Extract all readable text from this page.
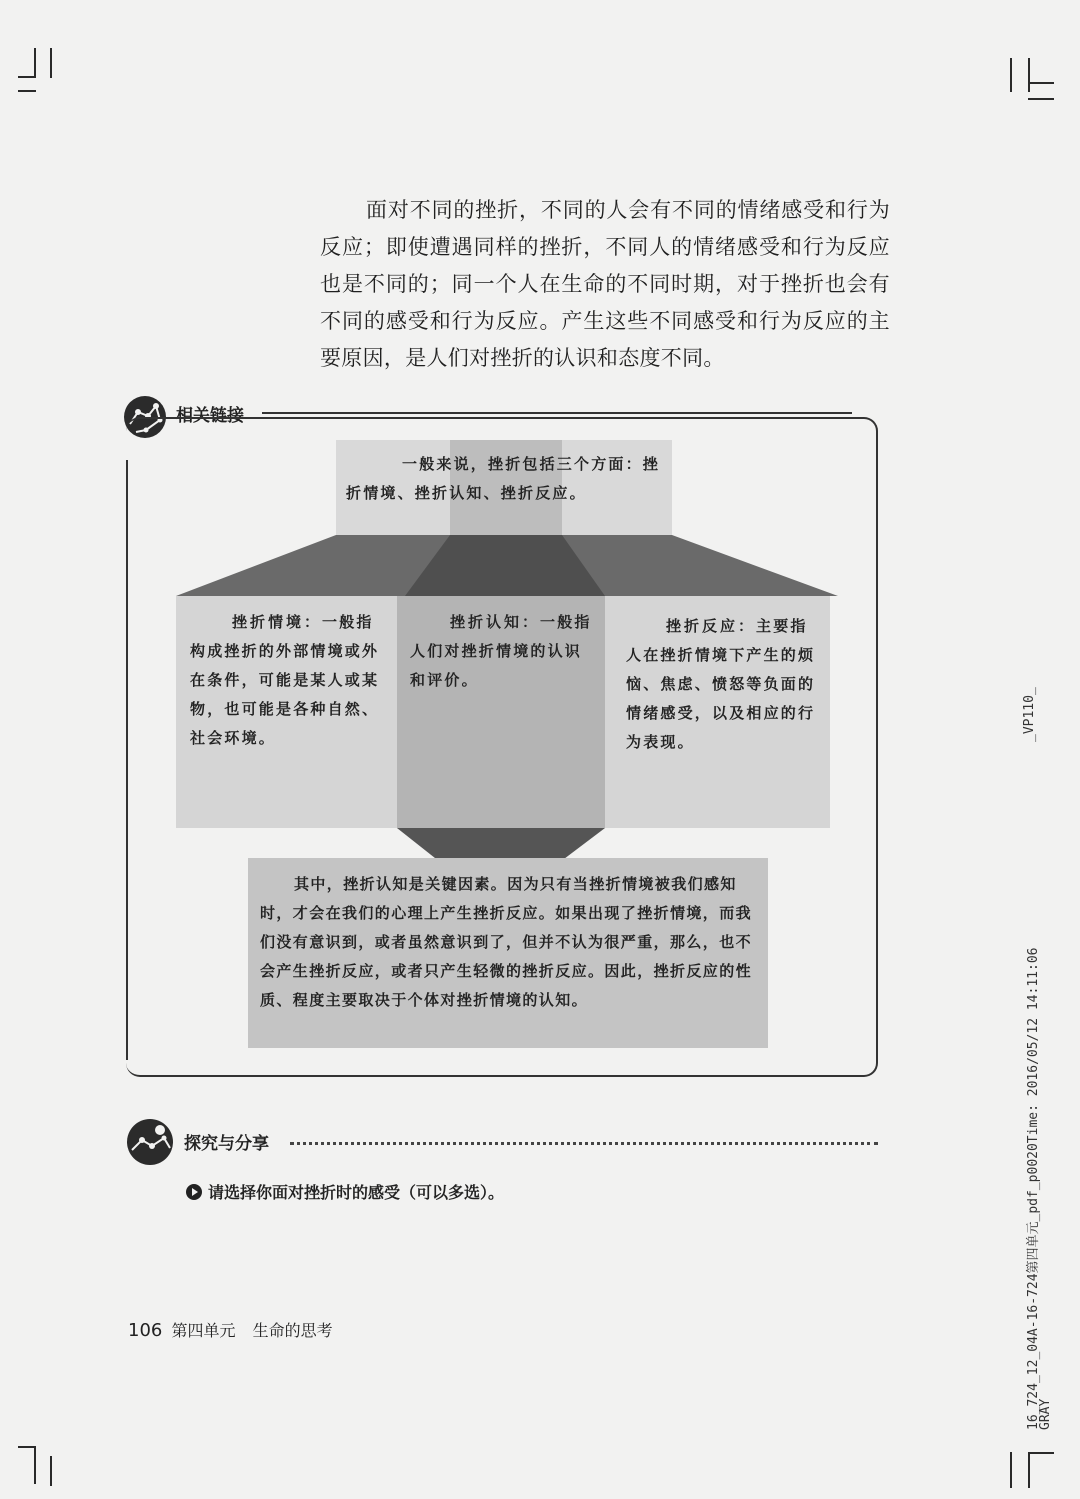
面对不同的挫折，不同的人会有不同的情绪感受和行为反应；即使遭遇同样的挫折，不同人的情绪感受和行为反应也是不同的；同一个人在生命的不同时期，对于挫折也会有不同的感受和行为反应。产生这些不同感受和行为反应的主要原因，是人们对挫折的认识和态度不同。

相关链接

一般来说，挫折包括三个方面：挫折情境、挫折认知、挫折反应。

挫折情境：一般指构成挫折的外部情境或外在条件，可能是某人或某物，也可能是各种自然、社会环境。

挫折认知：一般指人们对挫折情境的认识和评价。

挫折反应：主要指人在挫折情境下产生的烦恼、焦虑、愤怒等负面的情绪感受，以及相应的行为表现。

其中，挫折认知是关键因素。因为只有当挫折情境被我们感知时，才会在我们的心理上产生挫折反应。如果出现了挫折情境，而我们没有意识到，或者虽然意识到了，但并不认为很严重，那么，也不会产生挫折反应，或者只产生轻微的挫折反应。因此，挫折反应的性质、程度主要取决于个体对挫折情境的认知。

探究与分享
请选择你面对挫折时的感受（可以多选）。
106 第四单元 生命的思考
_VP110_
16_724_12_04A-16-724第四单元_pdf_p0020Time: 2016/05/12 14:11:06
GRAY
